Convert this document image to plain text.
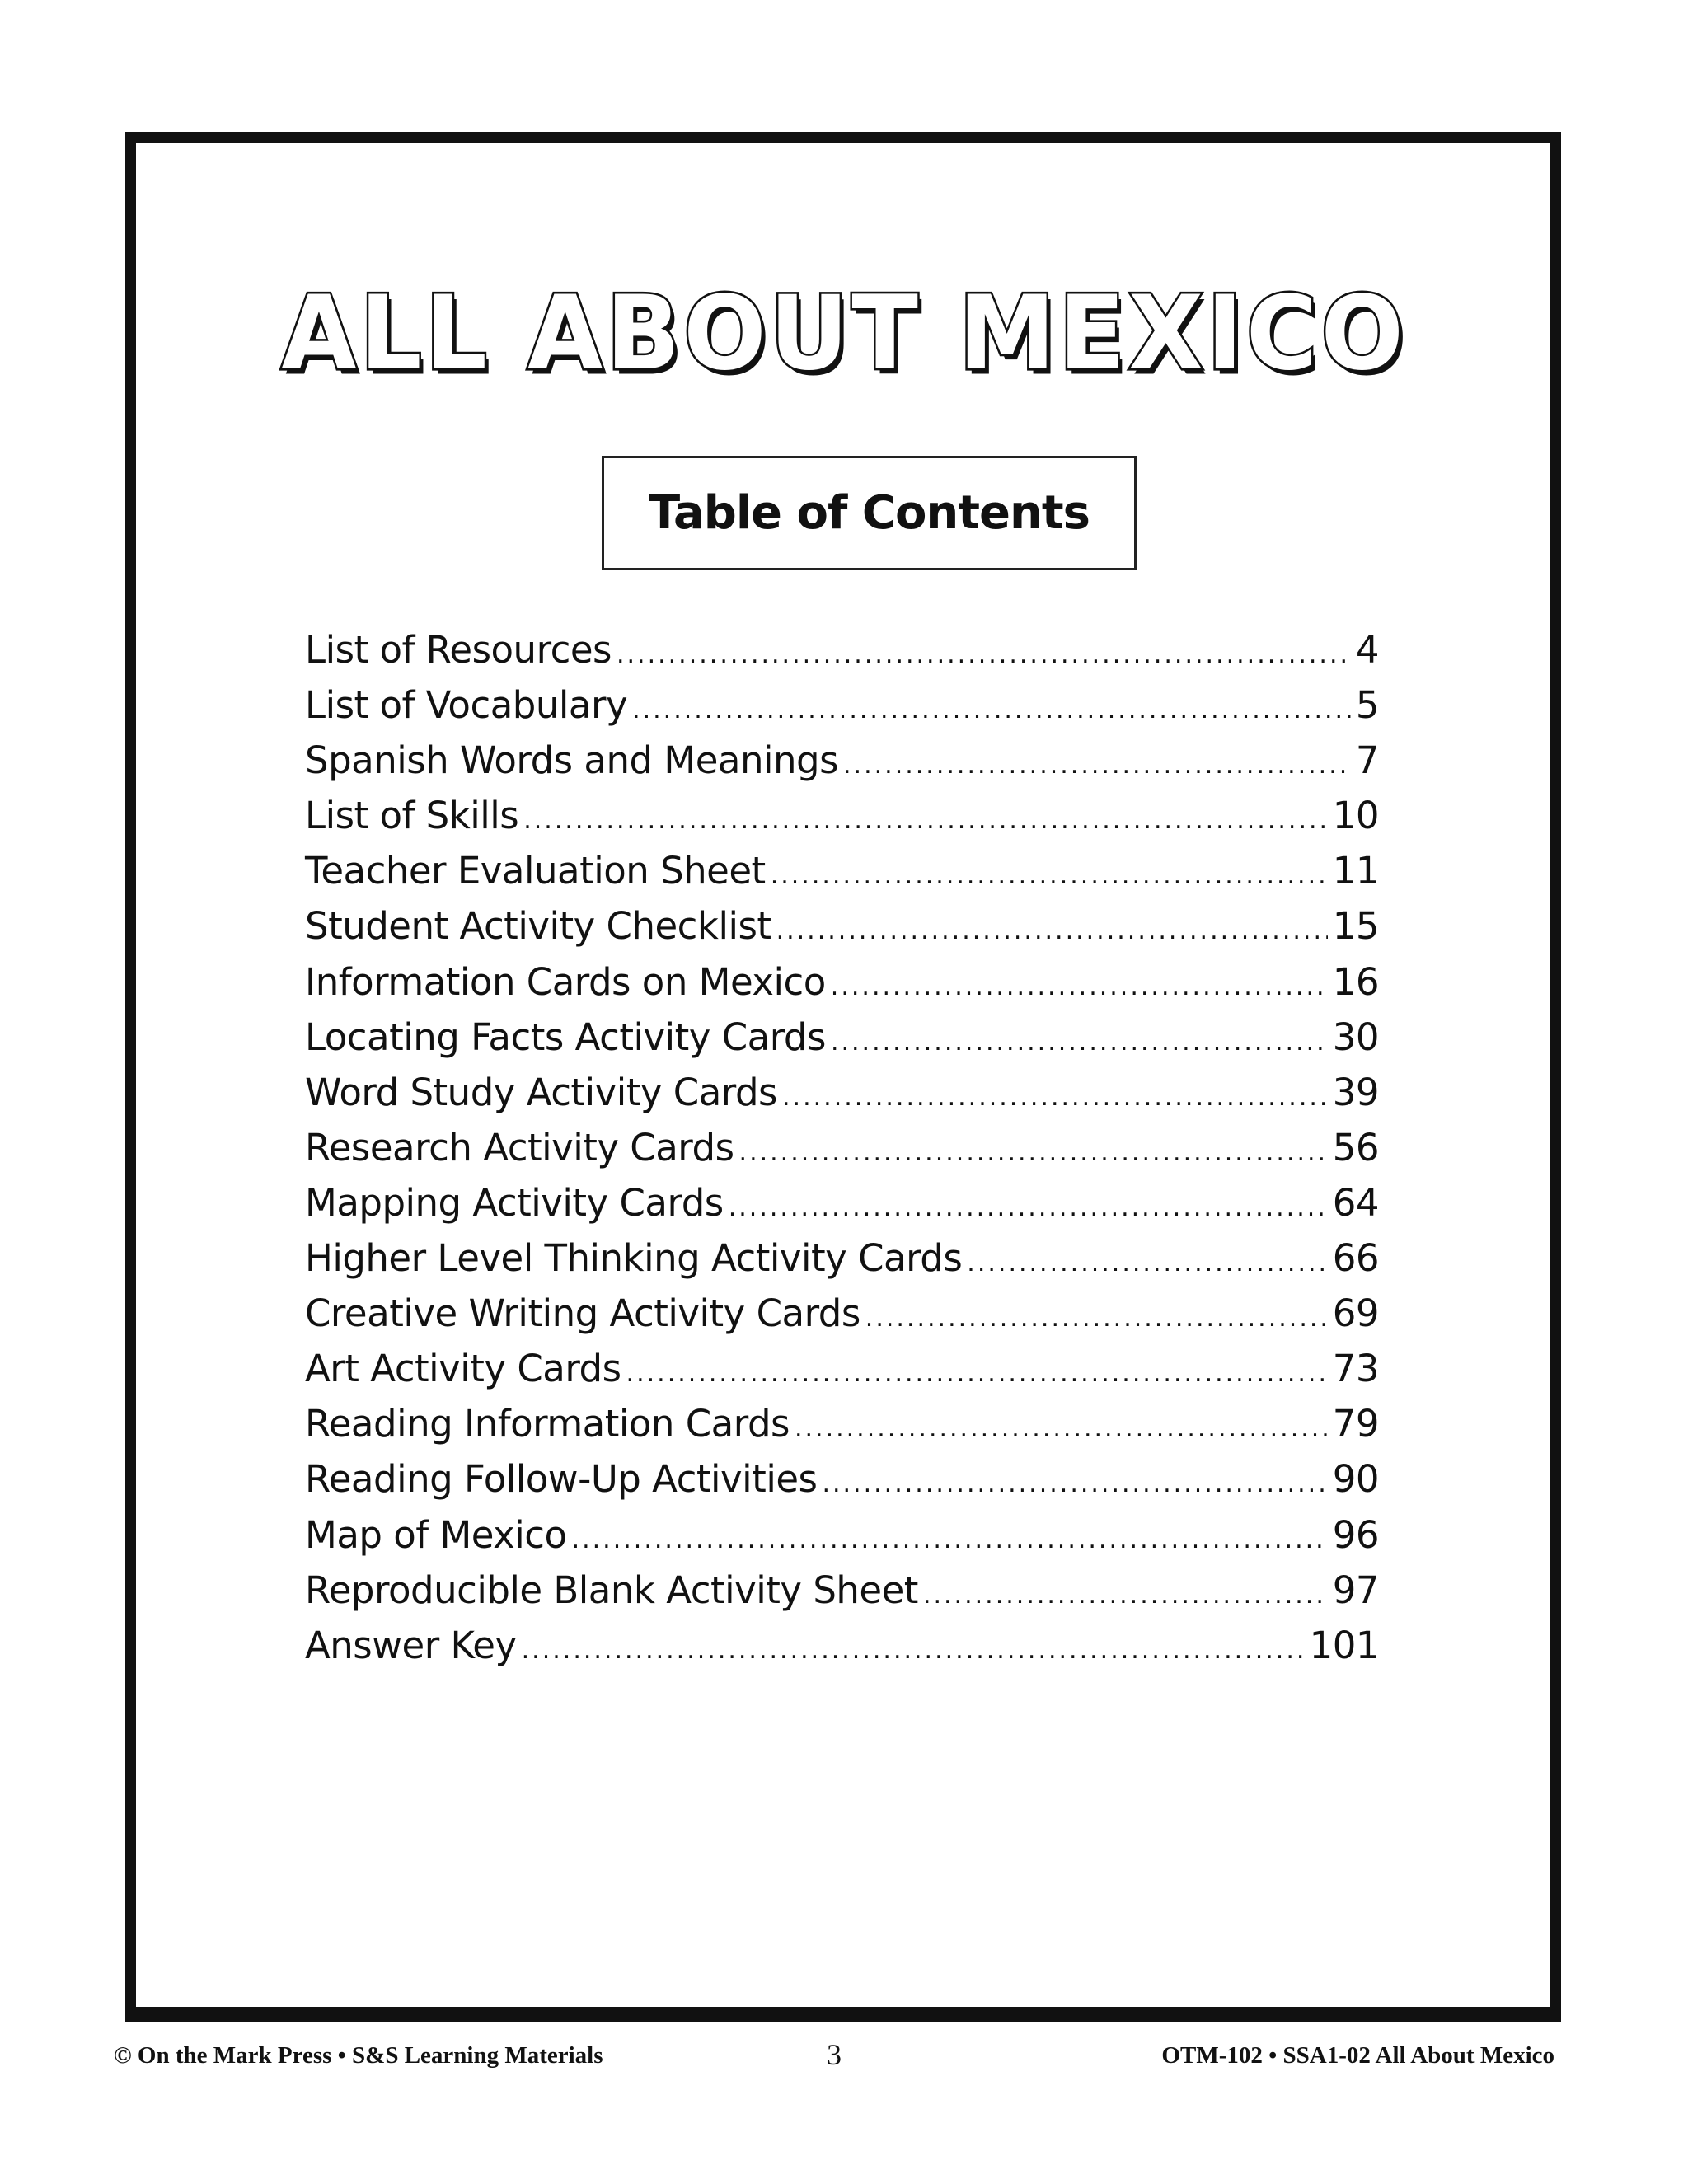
ALL ABOUT MEXICO
Table of Contents
List of Resources .....	4
List of Vocabulary .....	5
Spanish Words and Meanings .....	7
List of Skills .....	10
Teacher Evaluation Sheet .....	11
Student Activity Checklist .....	15
Information Cards on Mexico .....	16
Locating Facts Activity Cards .....	30
Word Study Activity Cards .....	39
Research Activity Cards .....	56
Mapping Activity Cards .....	64
Higher Level Thinking Activity Cards .....	66
Creative Writing Activity Cards .....	69
Art Activity Cards .....	73
Reading Information Cards .....	79
Reading Follow-Up Activities .....	90
Map of Mexico .....	96
Reproducible Blank Activity Sheet .....	97
Answer Key .....	101
© On the Mark Press • S&S Learning Materials	3	OTM-102 • SSA1-02 All About Mexico
